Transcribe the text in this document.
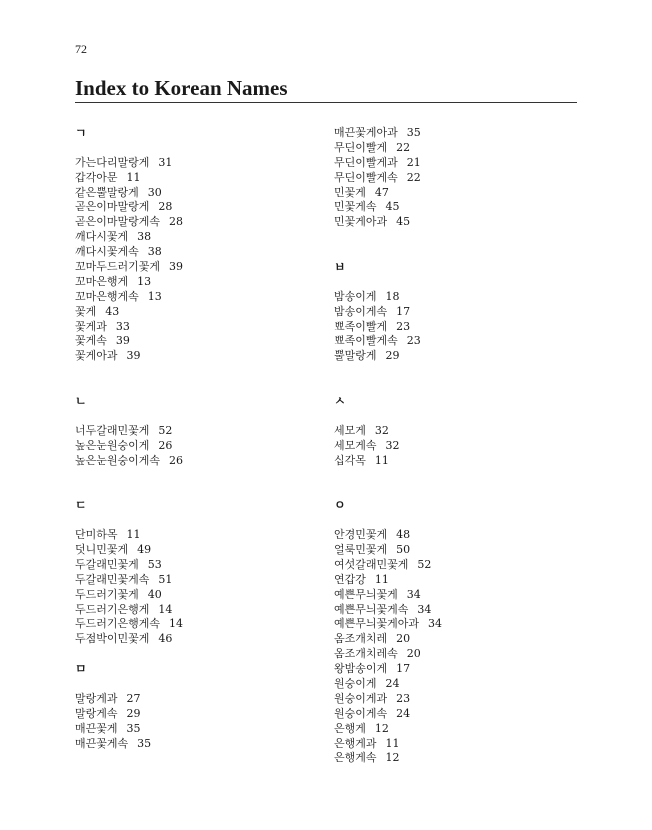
72
Index to Korean Names
ㄱ
가는다리말랑게 31
갑각아문 11
같은뿔말랑게 30
곧은이마말랑게 28
곧은이마말랑게속 28
깨다시꽃게 38
깨다시꽃게속 38
꼬마두드러기꽃게 39
꼬마은행게 13
꼬마은행게속 13
꽃게 43
꽃게과 33
꽃게속 39
꽃게아과 39
ㄴ
너두갈래민꽃게 52
높은눈원숭이게 26
높은눈원숭이게속 26
ㄷ
단미하목 11
덧니민꽃게 49
두갈래민꽃게 53
두갈래민꽃게속 51
두드러기꽃게 40
두드러기은행게 14
두드러기은행게속 14
두점박이민꽃게 46
ㅁ
말랑게과 27
말랑게속 29
매끈꽃게 35
매끈꽃게속 35
매끈꽃게아과 35
무딘이빨게 22
무딘이빨게과 21
무딘이빨게속 22
민꽃게 47
민꽃게속 45
민꽃게아과 45
ㅂ
밤송이게 18
밤송이게속 17
뾰족이빨게 23
뾰족이빨게속 23
뿔말랑게 29
ㅅ
세모게 32
세모게속 32
십각목 11
ㅇ
안경민꽃게 48
얼룩민꽃게 50
여섯갈래민꽃게 52
연갑강 11
예쁜무늬꽃게 34
예쁜무늬꽃게속 34
예쁜무늬꽃게아과 34
옴조개치레 20
옴조개치레속 20
왕밤송이게 17
원숭이게 24
원숭이게과 23
원숭이게속 24
은행게 12
은행게과 11
은행게속 12
